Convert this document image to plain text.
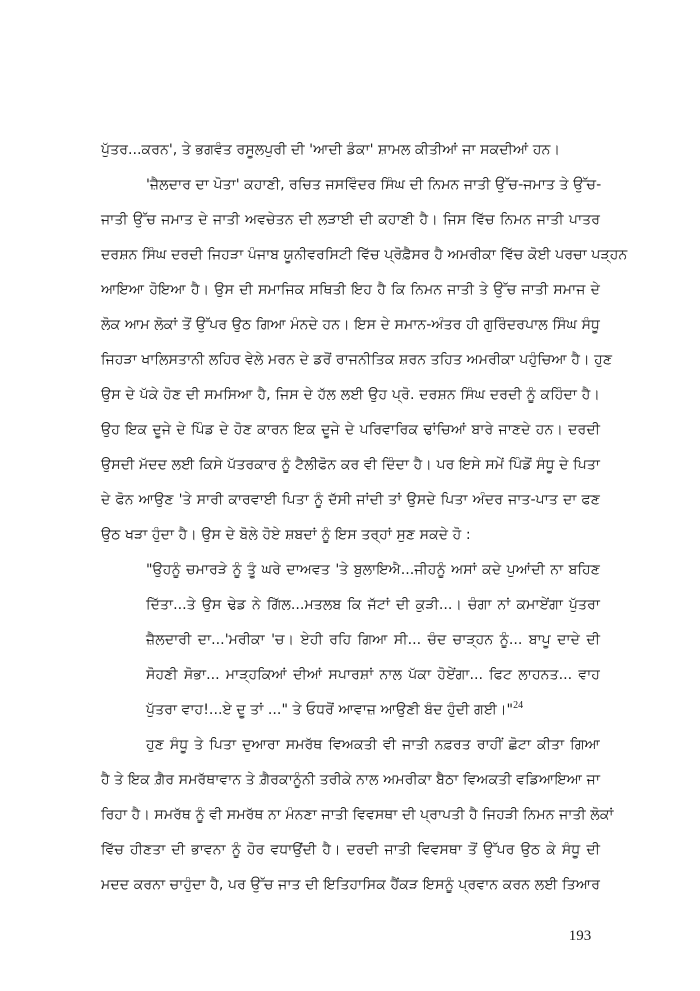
ਪੁੱਤਰ...ਕਰਨ', ਤੇ ਭਗਵੰਤ ਰਸੂਲਪੁਰੀ ਦੀ 'ਆਦੀ ਡੰਕਾ' ਸ਼ਾਮਲ ਕੀਤੀਆਂ ਜਾ ਸਕਦੀਆਂ ਹਨ।
'ਜ਼ੈਲਦਾਰ ਦਾ ਪੋਤਾ' ਕਹਾਣੀ, ਰਚਿਤ ਜਸਵਿੰਦਰ ਸਿੰਘ ਦੀ ਨਿਮਨ ਜਾਤੀ ਉੱਚ-ਜਮਾਤ ਤੇ ਉੱਚ-
ਜਾਤੀ ਉੱਚ ਜਮਾਤ ਦੇ ਜਾਤੀ ਅਵਚੇਤਨ ਦੀ ਲੜਾਈ ਦੀ ਕਹਾਣੀ ਹੈ। ਜਿਸ ਵਿੱਚ ਨਿਮਨ ਜਾਤੀ ਪਾਤਰ
ਦਰਸ਼ਨ ਸਿੰਘ ਦਰਦੀ ਜਿਹੜਾ ਪੰਜਾਬ ਯੂਨੀਵਰਸਿਟੀ ਵਿੱਚ ਪ੍ਰੋਫ਼ੈਸਰ ਹੈ ਅਮਰੀਕਾ ਵਿੱਚ ਕੋਈ ਪਰਚਾ ਪੜ੍ਹਨ
ਆਇਆ ਹੋਇਆ ਹੈ। ਉਸ ਦੀ ਸਮਾਜਿਕ ਸਥਿਤੀ ਇਹ ਹੈ ਕਿ ਨਿਮਨ ਜਾਤੀ ਤੇ ਉੱਚ ਜਾਤੀ ਸਮਾਜ ਦੇ
ਲੋਕ ਆਮ ਲੋਕਾਂ ਤੋਂ ਉੱਪਰ ਉਠ ਗਿਆ ਮੰਨਦੇ ਹਨ। ਇਸ ਦੇ ਸਮਾਨ-ਅੰਤਰ ਹੀ ਗੁਰਿੰਦਰਪਾਲ ਸਿੰਘ ਸੰਧੂ
ਜਿਹੜਾ ਖਾਲਿਸਤਾਨੀ ਲਹਿਰ ਵੇਲੇ ਮਰਨ ਦੇ ਡਰੋਂ ਰਾਜਨੀਤਿਕ ਸ਼ਰਨ ਤਹਿਤ ਅਮਰੀਕਾ ਪਹੁੰਚਿਆ ਹੈ। ਹੁਣ
ਉਸ ਦੇ ਪੱਕੇ ਹੋਣ ਦੀ ਸਮਸਿਆ ਹੈ, ਜਿਸ ਦੇ ਹੱਲ ਲਈ ਉਹ ਪ੍ਰੋ. ਦਰਸ਼ਨ ਸਿੰਘ ਦਰਦੀ ਨੂੰ ਕਹਿੰਦਾ ਹੈ।
ਉਹ ਇਕ ਦੂਜੇ ਦੇ ਪਿੰਡ ਦੇ ਹੋਣ ਕਾਰਨ ਇਕ ਦੂਜੇ ਦੇ ਪਰਿਵਾਰਿਕ ਢਾਂਚਿਆਂ ਬਾਰੇ ਜਾਣਦੇ ਹਨ। ਦਰਦੀ
ਉਸਦੀ ਮੱਦਦ ਲਈ ਕਿਸੇ ਪੱਤਰਕਾਰ ਨੂੰ ਟੈਲੀਫੋਨ ਕਰ ਵੀ ਦਿੰਦਾ ਹੈ। ਪਰ ਇਸੇ ਸਮੇਂ ਪਿੰਡੋਂ ਸੰਧੂ ਦੇ ਪਿਤਾ
ਦੇ ਫੋਨ ਆਉਣ 'ਤੇ ਸਾਰੀ ਕਾਰਵਾਈ ਪਿਤਾ ਨੂੰ ਦੱਸੀ ਜਾਂਦੀ ਤਾਂ ਉਸਦੇ ਪਿਤਾ ਅੰਦਰ ਜਾਤ-ਪਾਤ ਦਾ ਫਣ
ਉਠ ਖੜਾ ਹੁੰਦਾ ਹੈ। ਉਸ ਦੇ ਬੋਲੇ ਹੋਏ ਸ਼ਬਦਾਂ ਨੂੰ ਇਸ ਤਰ੍ਹਾਂ ਸੁਣ ਸਕਦੇ ਹੋ :
"ਉਹਨੂੰ ਚਮਾਰੜੇ ਨੂੰ ਤੂੰ ਘਰੇ ਦਾਅਵਤ 'ਤੇ ਬੁਲਾਇਐ...ਜੀਹਨੂੰ ਅਸਾਂ ਕਦੇ ਪੁਆਂਦੀ ਨਾ ਬਹਿਣ
ਦਿੱਤਾ...ਤੇ ਉਸ ਢੇਡ ਨੇ ਗਿੱਲ...ਮਤਲਬ ਕਿ ਜੱਟਾਂ ਦੀ ਕੁੜੀ...। ਚੰਗਾ ਨਾਂ ਕਮਾਏਂਗਾ ਪੁੱਤਰਾ
ਜ਼ੈਲਦਾਰੀ ਦਾ...'ਮਰੀਕਾ 'ਚ। ਏਹੀ ਰਹਿ ਗਿਆ ਸੀ... ਚੰਦ ਚਾੜ੍ਹਨ ਨੂੰ... ਬਾਪੂ ਦਾਦੇ ਦੀ
ਸੋਹਣੀ ਸੋਭਾ... ਮਾੜ੍ਹਕਿਆਂ ਦੀਆਂ ਸਪਾਰਸ਼ਾਂ ਨਾਲ ਪੱਕਾ ਹੋਏਂਗਾ... ਫਿਟ ਲਾਹਨਤ... ਵਾਹ
ਪੁੱਤਰਾ ਵਾਹ!...ਏ ਦੂ ਤਾਂ ..." ਤੇ ਓਧਰੋਂ ਆਵਾਜ਼ ਆਉਣੀ ਬੰਦ ਹੁੰਦੀ ਗਈ।"$^{24}$
ਹੁਣ ਸੰਧੂ ਤੇ ਪਿਤਾ ਦੁਆਰਾ ਸਮਰੱਥ ਵਿਅਕਤੀ ਵੀ ਜਾਤੀ ਨਫ਼ਰਤ ਰਾਹੀਂ ਛੋਟਾ ਕੀਤਾ ਗਿਆ
ਹੈ ਤੇ ਇਕ ਗ਼ੈਰ ਸਮਰੱਥਾਵਾਨ ਤੇ ਗ਼ੈਰਕਾਨੂੰਨੀ ਤਰੀਕੇ ਨਾਲ ਅਮਰੀਕਾ ਬੈਠਾ ਵਿਅਕਤੀ ਵਡਿਆਇਆ ਜਾ
ਰਿਹਾ ਹੈ। ਸਮਰੱਥ ਨੂੰ ਵੀ ਸਮਰੱਥ ਨਾ ਮੰਨਣਾ ਜਾਤੀ ਵਿਵਸਥਾ ਦੀ ਪ੍ਰਾਪਤੀ ਹੈ ਜਿਹੜੀ ਨਿਮਨ ਜਾਤੀ ਲੋਕਾਂ
ਵਿੱਚ ਹੀਣਤਾ ਦੀ ਭਾਵਨਾ ਨੂੰ ਹੋਰ ਵਧਾਉਂਦੀ ਹੈ। ਦਰਦੀ ਜਾਤੀ ਵਿਵਸਥਾ ਤੋਂ ਉੱਪਰ ਉਠ ਕੇ ਸੰਧੂ ਦੀ
ਮਦਦ ਕਰਨਾ ਚਾਹੁੰਦਾ ਹੈ, ਪਰ ਉੱਚ ਜਾਤ ਦੀ ਇਤਿਹਾਸਿਕ ਹੈਂਕੜ ਇਸਨੂੰ ਪ੍ਰਵਾਨ ਕਰਨ ਲਈ ਤਿਆਰ
193
